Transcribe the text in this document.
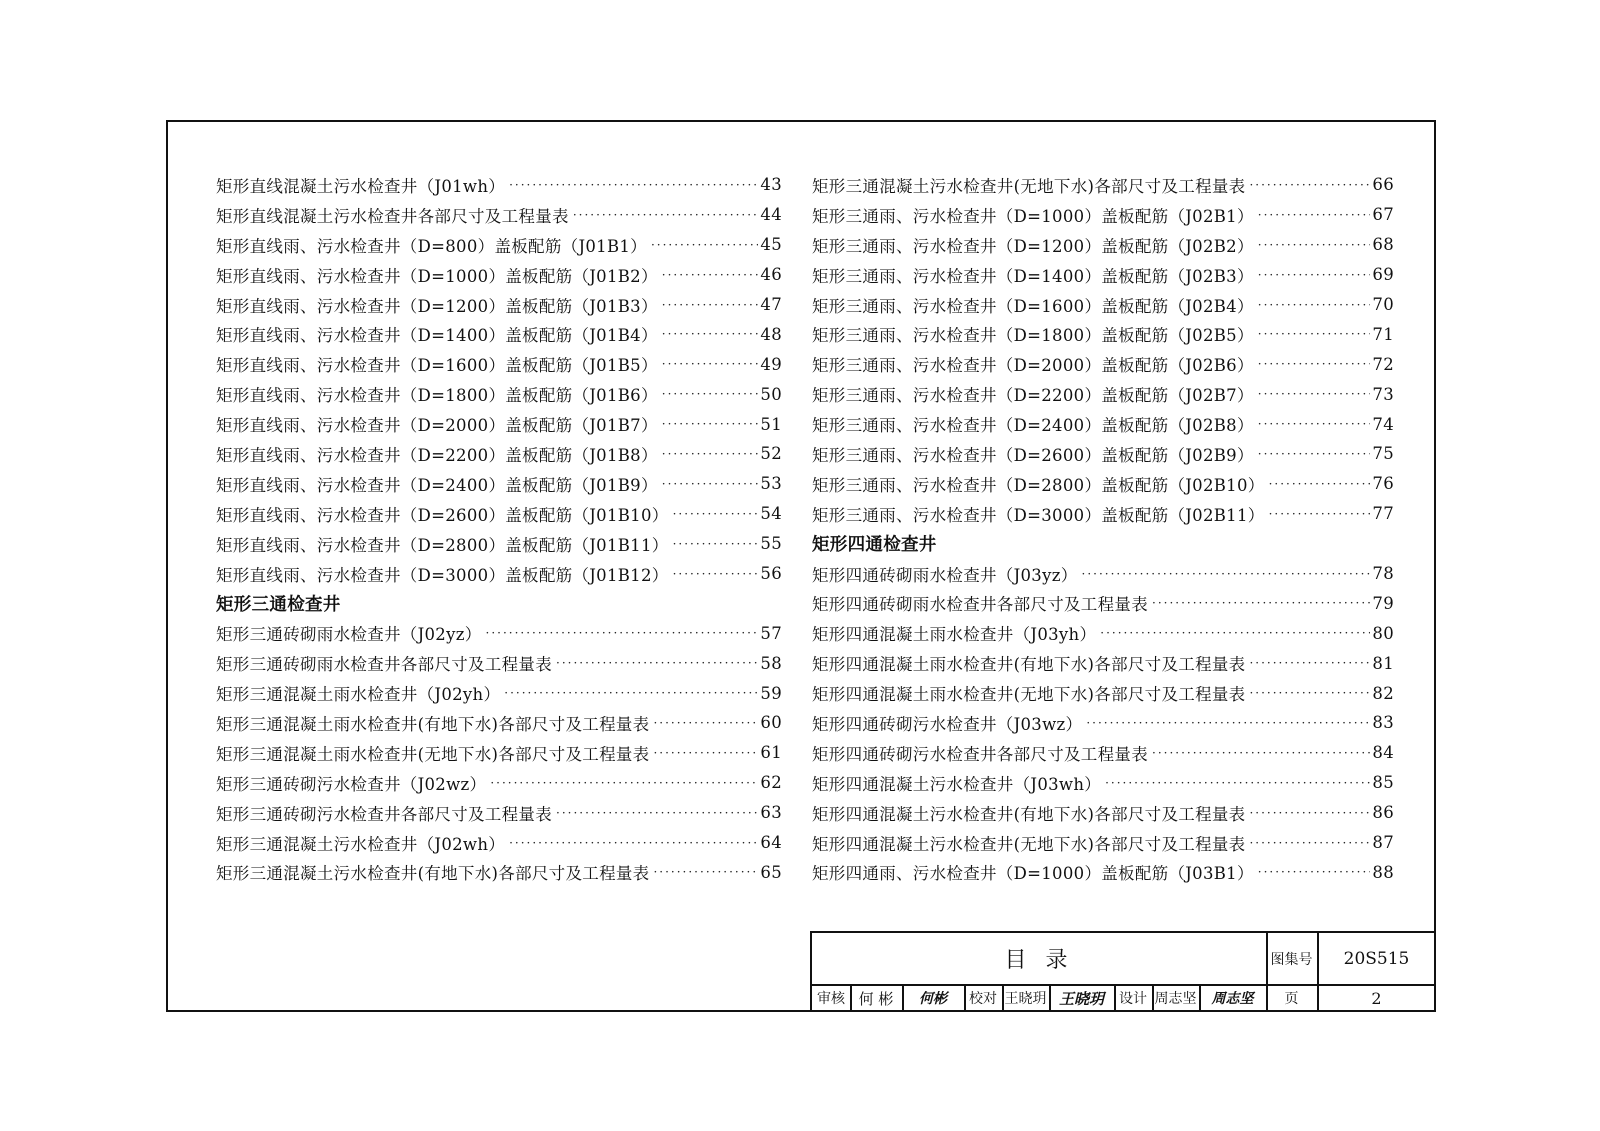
矩形直线混凝土污水检查井（J01wh） ·····	43
矩形直线混凝土污水检查井各部尺寸及工程量表 ·····	44
矩形直线雨、污水检查井（D=800）盖板配筋（J01B1） ·····	45
矩形直线雨、污水检查井（D=1000）盖板配筋（J01B2） ·····	46
矩形直线雨、污水检查井（D=1200）盖板配筋（J01B3） ·····	47
矩形直线雨、污水检查井（D=1400）盖板配筋（J01B4） ·····	48
矩形直线雨、污水检查井（D=1600）盖板配筋（J01B5） ·····	49
矩形直线雨、污水检查井（D=1800）盖板配筋（J01B6） ·····	50
矩形直线雨、污水检查井（D=2000）盖板配筋（J01B7） ·····	51
矩形直线雨、污水检查井（D=2200）盖板配筋（J01B8） ·····	52
矩形直线雨、污水检查井（D=2400）盖板配筋（J01B9） ·····	53
矩形直线雨、污水检查井（D=2600）盖板配筋（J01B10） ·····	54
矩形直线雨、污水检查井（D=2800）盖板配筋（J01B11） ·····	55
矩形直线雨、污水检查井（D=3000）盖板配筋（J01B12） ·····	56
矩形三通检查井
矩形三通砖砌雨水检查井（J02yz） ·····	57
矩形三通砖砌雨水检查井各部尺寸及工程量表 ·····	58
矩形三通混凝土雨水检查井（J02yh） ·····	59
矩形三通混凝土雨水检查井(有地下水)各部尺寸及工程量表 ·····	60
矩形三通混凝土雨水检查井(无地下水)各部尺寸及工程量表 ·····	61
矩形三通砖砌污水检查井（J02wz） ·····	62
矩形三通砖砌污水检查井各部尺寸及工程量表 ·····	63
矩形三通混凝土污水检查井（J02wh） ·····	64
矩形三通混凝土污水检查井(有地下水)各部尺寸及工程量表 ·····	65
矩形三通混凝土污水检查井(无地下水)各部尺寸及工程量表 ·····	66
矩形三通雨、污水检查井（D=1000）盖板配筋（J02B1） ·····	67
矩形三通雨、污水检查井（D=1200）盖板配筋（J02B2） ·····	68
矩形三通雨、污水检查井（D=1400）盖板配筋（J02B3） ·····	69
矩形三通雨、污水检查井（D=1600）盖板配筋（J02B4） ·····	70
矩形三通雨、污水检查井（D=1800）盖板配筋（J02B5） ·····	71
矩形三通雨、污水检查井（D=2000）盖板配筋（J02B6） ·····	72
矩形三通雨、污水检查井（D=2200）盖板配筋（J02B7） ·····	73
矩形三通雨、污水检查井（D=2400）盖板配筋（J02B8） ·····	74
矩形三通雨、污水检查井（D=2600）盖板配筋（J02B9） ·····	75
矩形三通雨、污水检查井（D=2800）盖板配筋（J02B10） ·····	76
矩形三通雨、污水检查井（D=3000）盖板配筋（J02B11） ·····	77
矩形四通检查井
矩形四通砖砌雨水检查井（J03yz） ·····	78
矩形四通砖砌雨水检查井各部尺寸及工程量表 ·····	79
矩形四通混凝土雨水检查井（J03yh） ·····	80
矩形四通混凝土雨水检查井(有地下水)各部尺寸及工程量表 ·····	81
矩形四通混凝土雨水检查井(无地下水)各部尺寸及工程量表 ·····	82
矩形四通砖砌污水检查井（J03wz） ·····	83
矩形四通砖砌污水检查井各部尺寸及工程量表 ·····	84
矩形四通混凝土污水检查井（J03wh） ·····	85
矩形四通混凝土污水检查井(有地下水)各部尺寸及工程量表 ·····	86
矩形四通混凝土污水检查井(无地下水)各部尺寸及工程量表 ·····	87
矩形四通雨、污水检查井（D=1000）盖板配筋（J03B1） ·····	88
目 录	图集号	20S515
审核 何 彬	何彬	校对 王晓玥 王晓玥	设计 周志坚	周志坚	页	2
